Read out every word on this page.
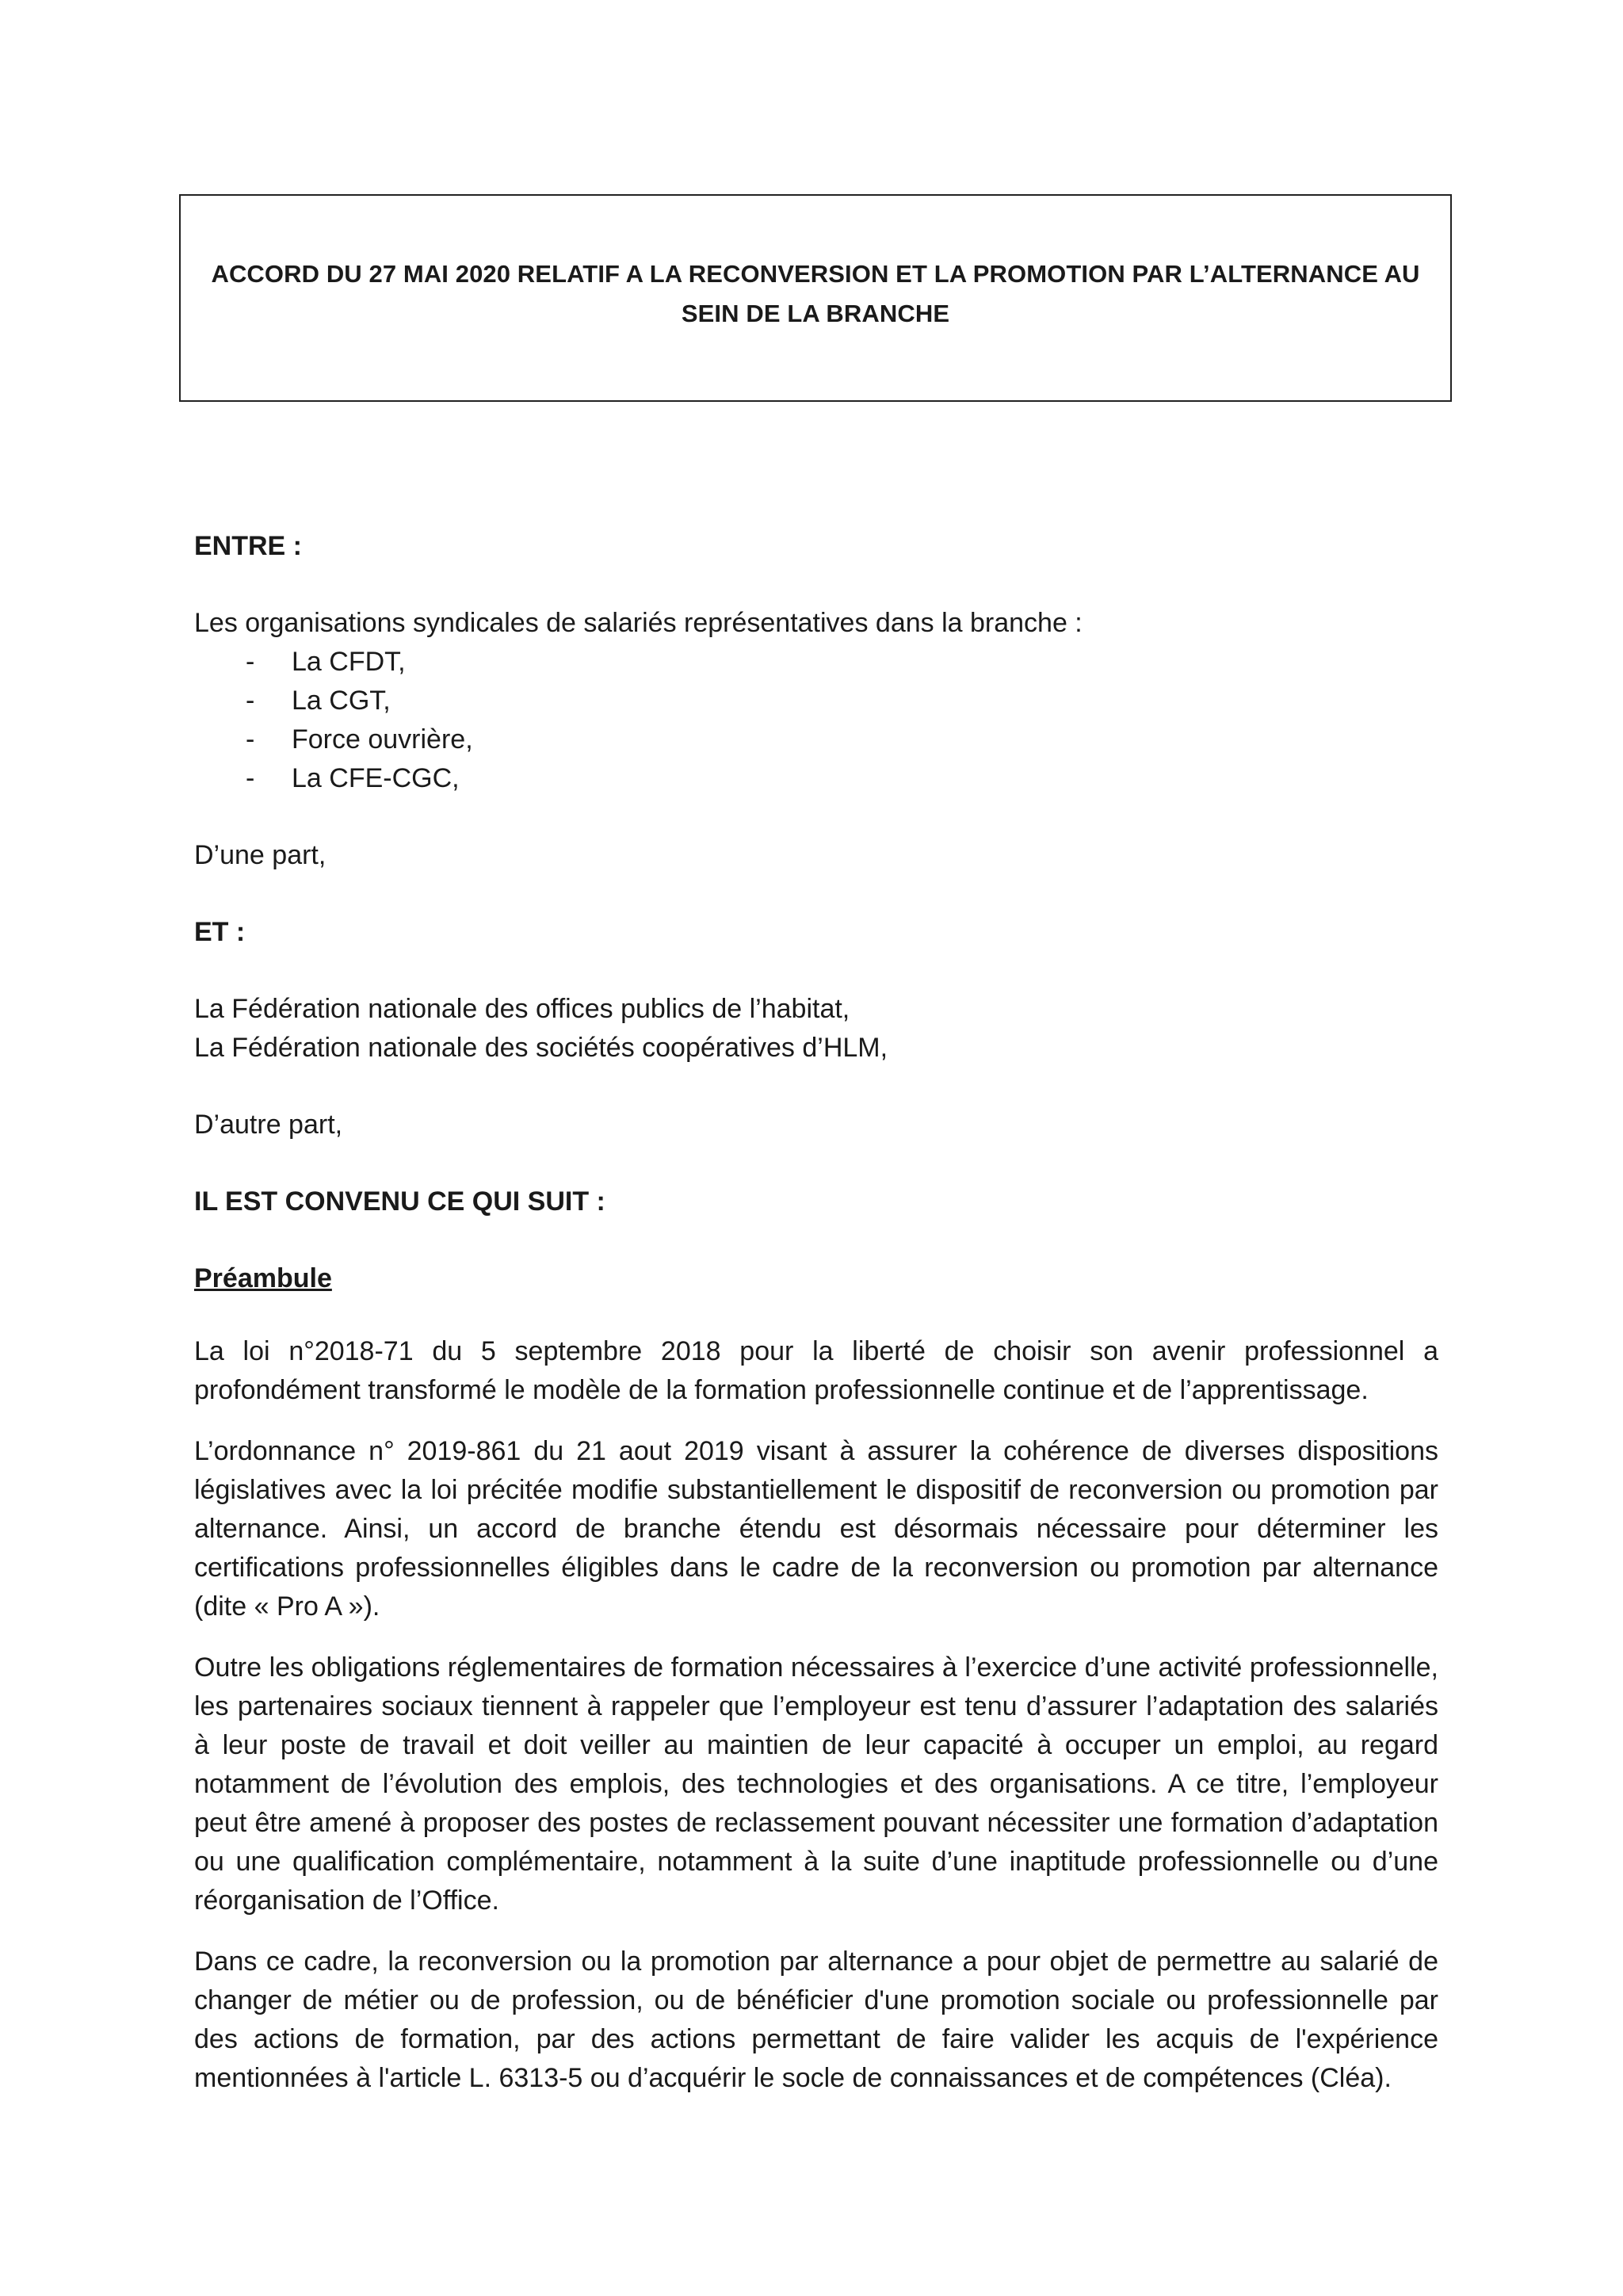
ACCORD DU 27 MAI 2020 RELATIF A LA RECONVERSION ET LA PROMOTION PAR L’ALTERNANCE AU SEIN DE LA BRANCHE

ENTRE :

Les organisations syndicales de salariés représentatives dans la branche :

-	La CFDT,
-	La CGT,
-	Force ouvrière,
-	La CFE-CGC,

D’une part,

ET :

La Fédération nationale des offices publics de l’habitat,

La Fédération nationale des sociétés coopératives d’HLM,

D’autre part,

IL EST CONVENU CE QUI SUIT :

Préambule

La loi n°2018-71 du 5 septembre 2018 pour la liberté de choisir son avenir professionnel a profondément transformé le modèle de la formation professionnelle continue et de l’apprentissage.

L’ordonnance n° 2019-861 du 21 aout 2019 visant à assurer la cohérence de diverses dispositions législatives avec la loi précitée modifie substantiellement le dispositif de reconversion ou promotion par alternance. Ainsi, un accord de branche étendu est désormais nécessaire pour déterminer les certifications professionnelles éligibles dans le cadre de la reconversion ou promotion par alternance (dite « Pro A »).

Outre les obligations réglementaires de formation nécessaires à l’exercice d’une activité professionnelle, les partenaires sociaux tiennent à rappeler que l’employeur est tenu d’assurer l’adaptation des salariés à leur poste de travail et doit veiller au maintien de leur capacité à occuper un emploi, au regard notamment de l’évolution des emplois, des technologies et des organisations. A ce titre, l’employeur peut être amené à proposer des postes de reclassement pouvant nécessiter une formation d’adaptation ou une qualification complémentaire, notamment à la suite d’une inaptitude professionnelle ou d’une réorganisation de l’Office.

Dans ce cadre, la reconversion ou la promotion par alternance a pour objet de permettre au salarié de changer de métier ou de profession, ou de bénéficier d'une promotion sociale ou professionnelle par des actions de formation, par des actions permettant de faire valider les acquis de l'expérience mentionnées à l'article L. 6313-5 ou d’acquérir le socle de connaissances et de compétences (Cléa).
